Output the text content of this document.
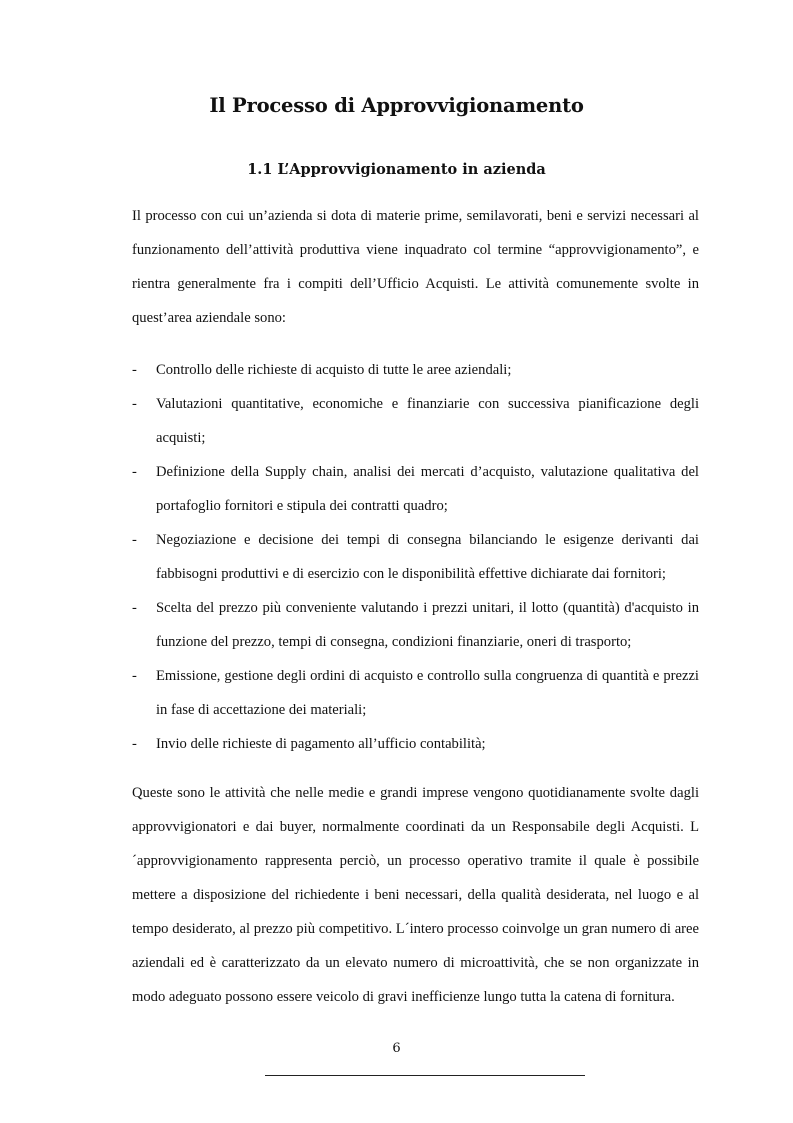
Il Processo di Approvvigionamento
1.1 L’Approvvigionamento in azienda

Il processo con cui un’azienda si dota di materie prime, semilavorati, beni e servizi necessari al funzionamento dell’attività produttiva viene inquadrato col termine “approvvigionamento”, e rientra generalmente fra i compiti dell’Ufficio Acquisti. Le attività comunemente svolte in quest’area aziendale sono:

- Controllo delle richieste di acquisto di tutte le aree aziendali;
- Valutazioni quantitative, economiche e finanziarie con successiva pianificazione degli acquisti;
- Definizione della Supply chain, analisi dei mercati d’acquisto, valutazione qualitativa del portafoglio fornitori e stipula dei contratti quadro;
- Negoziazione e decisione dei tempi di consegna bilanciando le esigenze derivanti dai fabbisogni produttivi e di esercizio con le disponibilità effettive dichiarate dai fornitori;
- Scelta del prezzo più conveniente valutando i prezzi unitari, il lotto (quantità) d'acquisto in funzione del prezzo, tempi di consegna, condizioni finanziarie, oneri di trasporto;
- Emissione, gestione degli ordini di acquisto e controllo sulla congruenza di quantità e prezzi in fase di accettazione dei materiali;
- Invio delle richieste di pagamento all’ufficio contabilità;

Queste sono le attività che nelle medie e grandi imprese vengono quotidianamente svolte dagli approvvigionatori e dai buyer, normalmente coordinati da un Responsabile degli Acquisti. L´approvvigionamento rappresenta perciò, un processo operativo tramite il quale è possibile mettere a disposizione del richiedente i beni necessari, della qualità desiderata, nel luogo e al tempo desiderato, al prezzo più competitivo. L´intero processo coinvolge un gran numero di aree aziendali ed è caratterizzato da un elevato numero di microattività, che se non organizzate in modo adeguato possono essere veicolo di gravi inefficienze lungo tutta la catena di fornitura.

6
